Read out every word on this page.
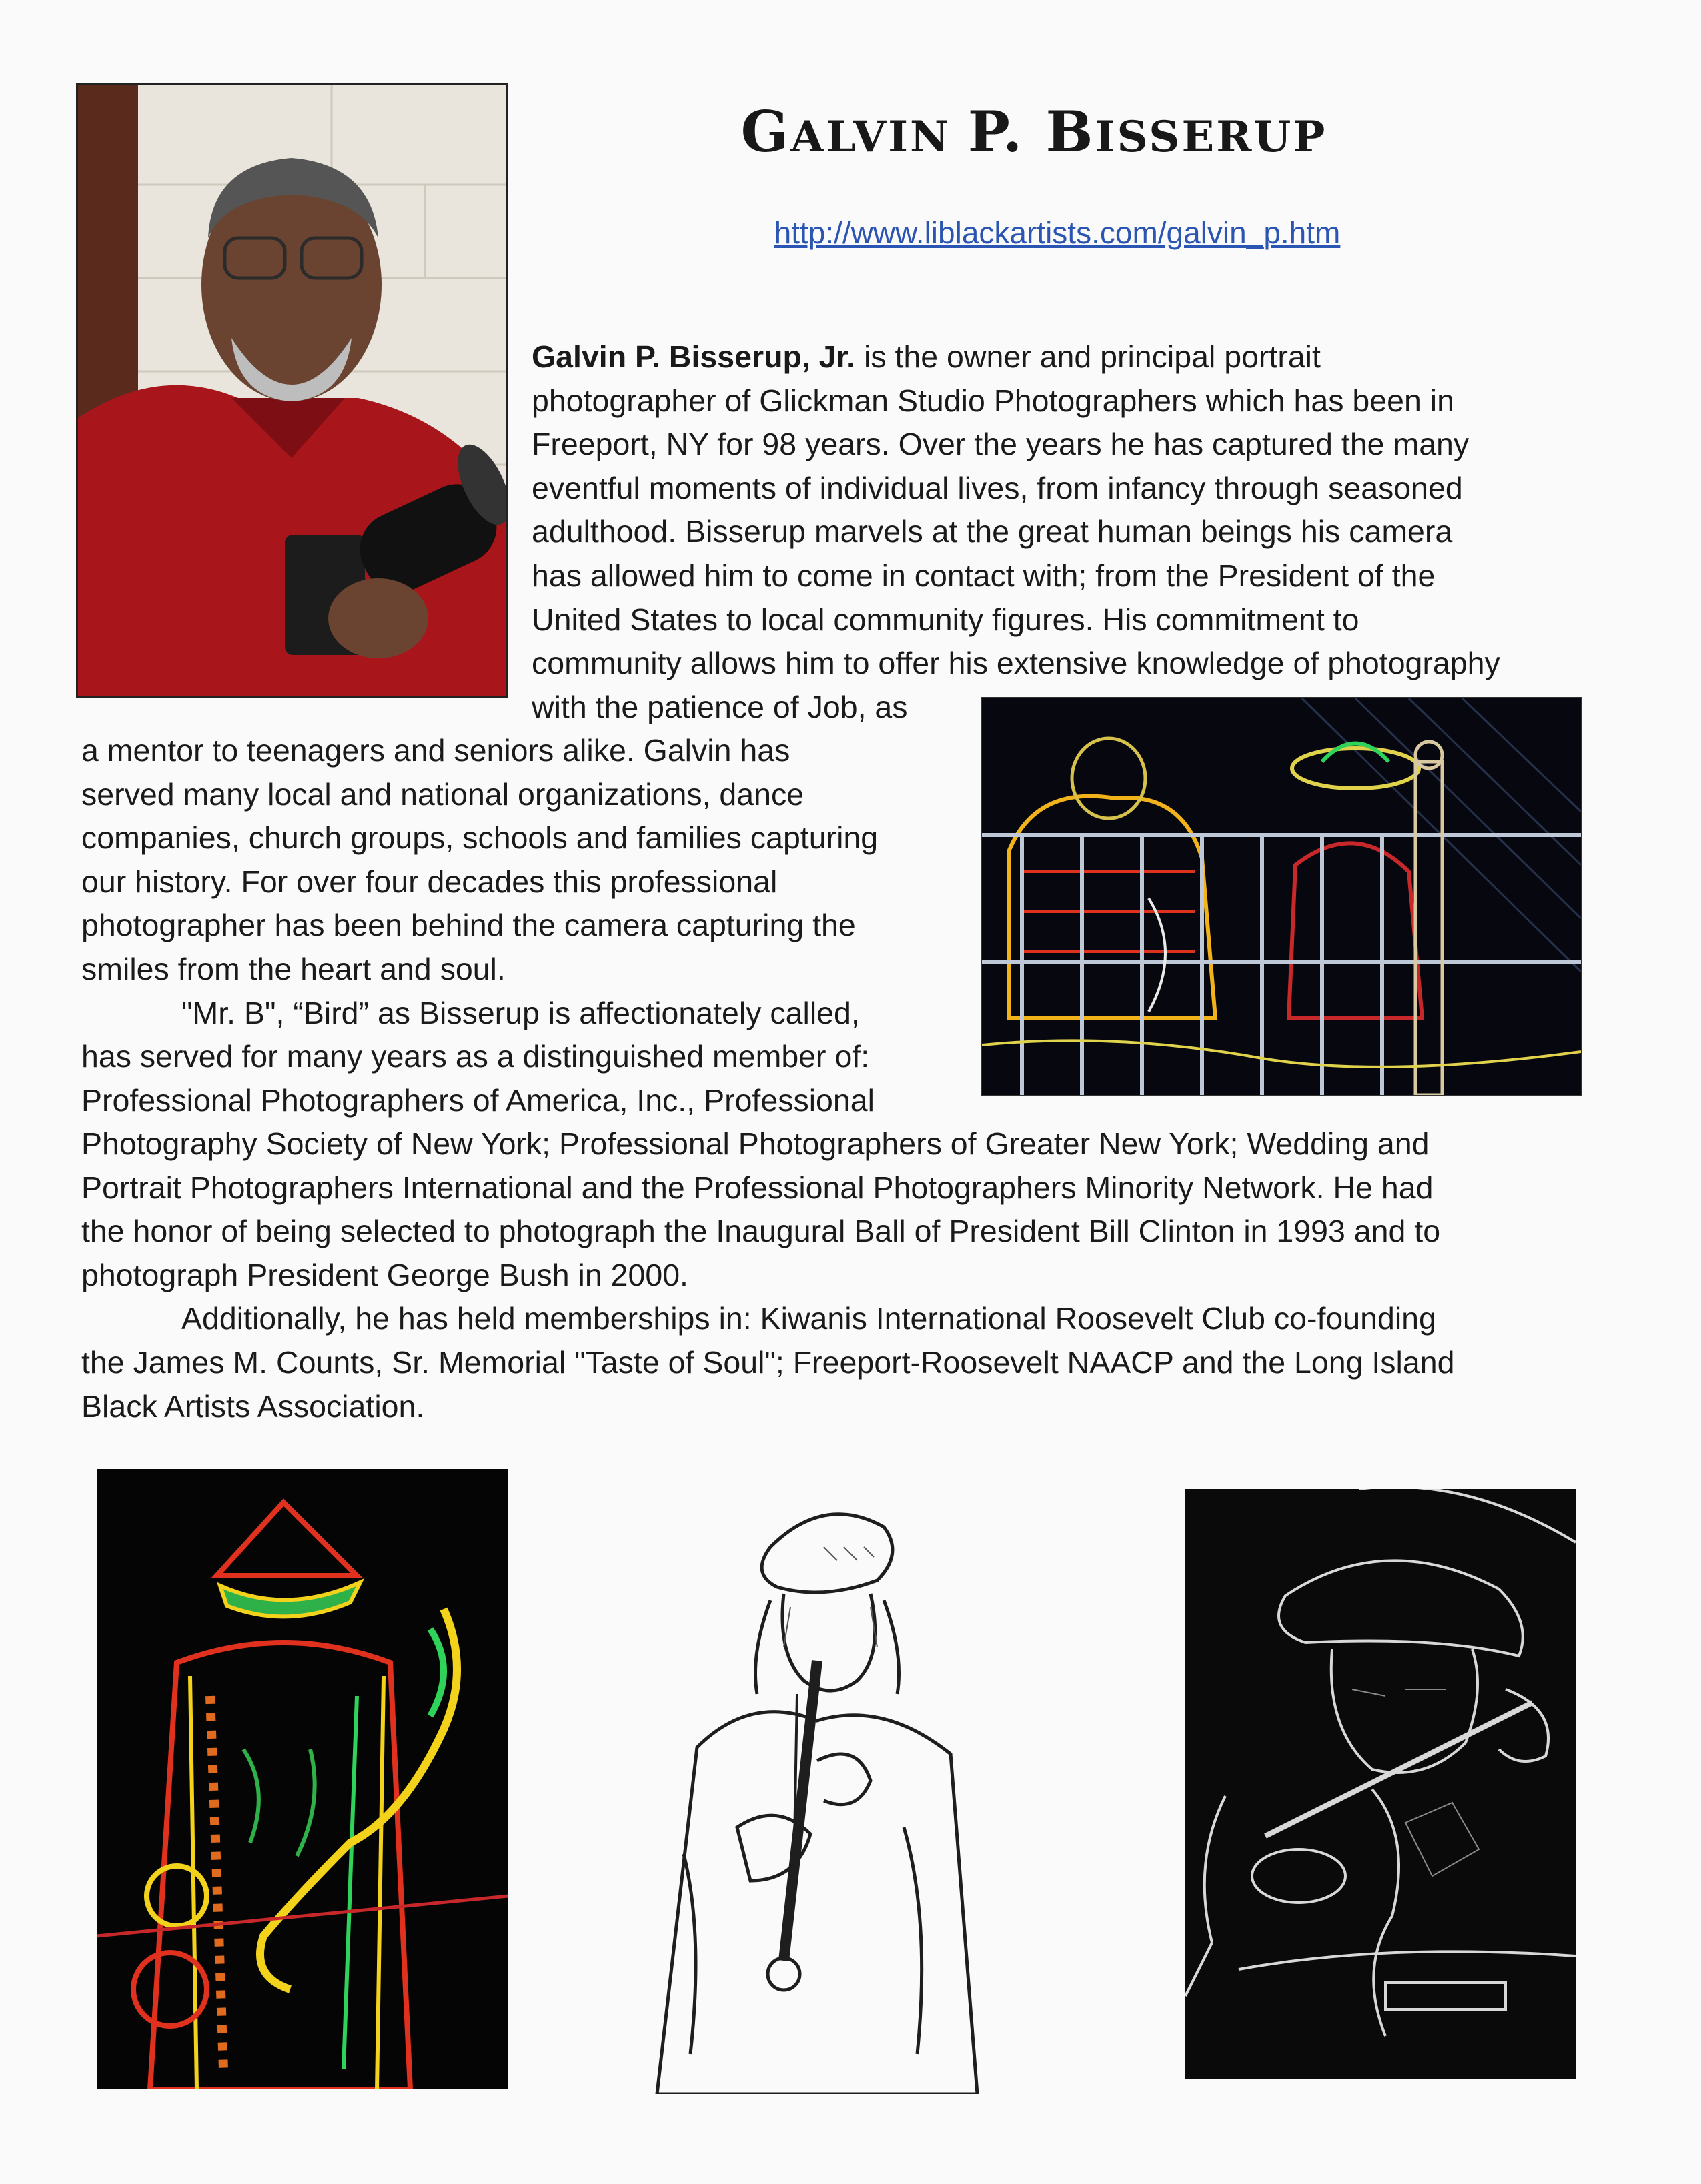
GALVIN P. BISSERUP
http://www.liblackartists.com/galvin_p.htm
Galvin P. Bisserup, Jr. is the owner and principal portrait
photographer of Glickman Studio Photographers which has been in
Freeport, NY for 98 years. Over the years he has captured the many
eventful moments of individual lives, from infancy through seasoned
adulthood. Bisserup marvels at the great human beings his camera
has allowed him to come in contact with; from the President of the
United States to local community figures. His commitment to
community allows him to offer his extensive knowledge of photography
with the patience of Job, as
a mentor to teenagers and seniors alike. Galvin has
served many local and national organizations, dance
companies, church groups, schools and families capturing
our history. For over four decades this professional
photographer has been behind the camera capturing the
smiles from the heart and soul.
"Mr. B", “Bird” as Bisserup is affectionately called,
has served for many years as a distinguished member of:
Professional Photographers of America, Inc., Professional
Photography Society of New York; Professional Photographers of Greater New York; Wedding and
Portrait Photographers International and the Professional Photographers Minority Network. He had
the honor of being selected to photograph the Inaugural Ball of President Bill Clinton in 1993 and to
photograph President George Bush in 2000.
Additionally, he has held memberships in: Kiwanis International Roosevelt Club co-founding
the James M. Counts, Sr. Memorial "Taste of Soul"; Freeport-Roosevelt NAACP and the Long Island
Black Artists Association.
